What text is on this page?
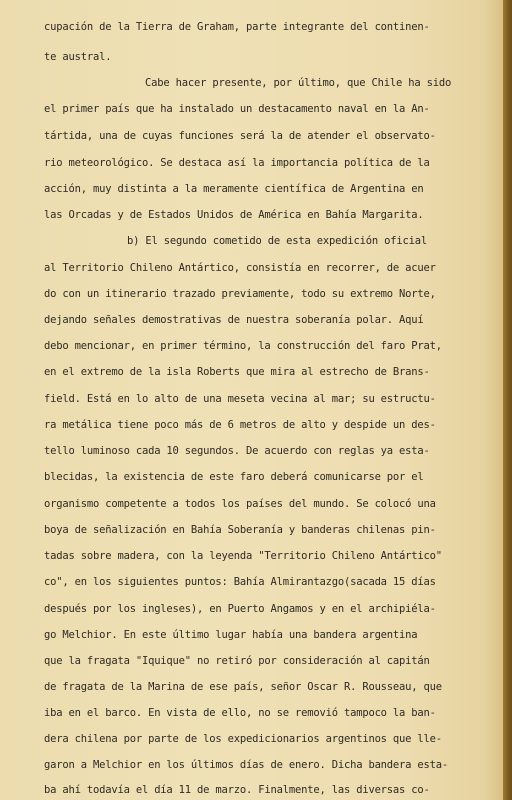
cupación de la Tierra de Graham, parte integrante del continen-
te austral.
Cabe hacer presente, por último, que Chile ha sido
el primer país que ha instalado un destacamento naval en la An-
tártida, una de cuyas funciones será la de atender el observato-
rio meteorológico. Se destaca así la importancia política de la
acción, muy distinta a la meramente científica de Argentina en
las Orcadas y de Estados Unidos de América en Bahía Margarita.
b) El segundo cometido de esta expedición oficial
al Territorio Chileno Antártico, consistía en recorrer, de acuer
do con un itinerario trazado previamente, todo su extremo Norte,
dejando señales demostrativas de nuestra soberanía polar. Aquí
debo mencionar, en primer término, la construcción del faro Prat,
en el extremo de la isla Roberts que mira al estrecho de Brans-
field. Está en lo alto de una meseta vecina al mar; su estructu-
ra metálica tiene poco más de 6 metros de alto y despide un des-
tello luminoso cada 10 segundos. De acuerdo con reglas ya esta-
blecidas, la existencia de este faro deberá comunicarse por el
organismo competente a todos los países del mundo. Se colocó una
boya de señalización en Bahía Soberanía y banderas chilenas pin-
tadas sobre madera, con la leyenda "Territorio Chileno Antártico"
co", en los siguientes puntos: Bahía Almirantazgo(sacada 15 días
después por los ingleses), en Puerto Angamos y en el archipiéla-
go Melchior. En este último lugar había una bandera argentina
que la fragata "Iquique" no retiró por consideración al capitán
de fragata de la Marina de ese país, señor Oscar R. Rousseau, que
iba en el barco. En vista de ello, no se removió tampoco la ban-
dera chilena por parte de los expedicionarios argentinos que lle-
garon a Melchior en los últimos días de enero. Dicha bandera esta-
ba ahí todavía el día 11 de marzo. Finalmente, las diversas co-
